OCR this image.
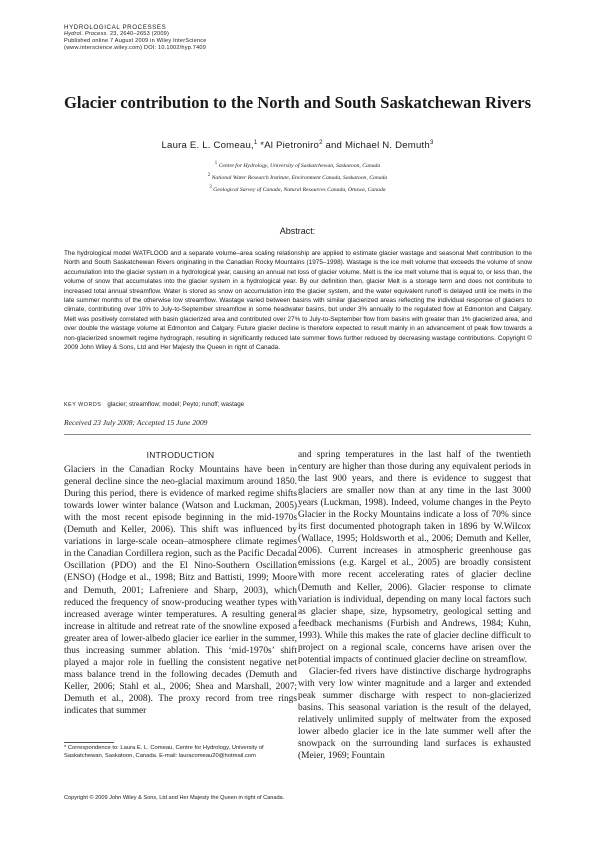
HYDROLOGICAL PROCESSES
Hydrol. Process. 23, 2640–2653 (2009)
Published online 7 August 2009 in Wiley InterScience
(www.interscience.wiley.com) DOI: 10.1002/hyp.7409
Glacier contribution to the North and South Saskatchewan Rivers
Laura E. L. Comeau,$^1$ *Al Pietroniro$^2$ and Michael N. Demuth$^3$
$^1$ Centre for Hydrology, University of Saskatchewan, Saskatoon, Canada
$^2$ National Water Research Institute, Environment Canada, Saskatoon, Canada
$^3$ Geological Survey of Canada, Natural Resources Canada, Ottawa, Canada
Abstract:
The hydrological model WATFLOOD and a separate volume–area scaling relationship are applied to estimate glacier wastage and seasonal Melt contribution to the North and South Saskatchewan Rivers originating in the Canadian Rocky Mountains (1975–1998). Wastage is the ice melt volume that exceeds the volume of snow accumulation into the glacier system in a hydrological year, causing an annual net loss of glacier volume. Melt is the ice melt volume that is equal to, or less than, the volume of snow that accumulates into the glacier system in a hydrological year. By our definition then, glacier Melt is a storage term and does not contribute to increased total annual streamflow. Water is stored as snow on accumulation into the glacier system, and the water equivalent runoff is delayed until ice melts in the late summer months of the otherwise low streamflow. Wastage varied between basins with similar glacierized areas reflecting the individual response of glaciers to climate, contributing over 10% to July-to-September streamflow in some headwater basins, but under 3% annually to the regulated flow at Edmonton and Calgary. Melt was positively correlated with basin glacierized area and contributed over 27% to July-to-September flow from basins with greater than 1% glacierized area, and over double the wastage volume at Edmonton and Calgary. Future glacier decline is therefore expected to result mainly in an advancement of peak flow towards a non-glacierized snowmelt regime hydrograph, resulting in significantly reduced late summer flows further reduced by decreasing wastage contributions. Copyright © 2009 John Wiley & Sons, Ltd and Her Majesty the Queen in right of Canada.
KEY WORDS glacier; streamflow; model; Peyto; runoff; wastage
Received 23 July 2008; Accepted 15 June 2009

INTRODUCTION

Glaciers in the Canadian Rocky Mountains have been in general decline since the neo-glacial maximum around 1850. During this period, there is evidence of marked regime shifts towards lower winter balance (Watson and Luckman, 2005) with the most recent episode beginning in the mid-1970s (Demuth and Keller, 2006). This shift was influenced by variations in large-scale ocean–atmosphere climate regimes in the Canadian Cordillera region, such as the Pacific Decadal Oscillation (PDO) and the El Nino-Southern Oscillation (ENSO) (Hodge et al., 1998; Bitz and Battisti, 1999; Moore and Demuth, 2001; Lafreniere and Sharp, 2003), which reduced the frequency of snow-producing weather types with increased average winter temperatures. A resulting general increase in altitude and retreat rate of the snowline exposed a greater area of lower-albedo glacier ice earlier in the summer, thus increasing summer ablation. This ‘mid-1970s’ shift played a major role in fuelling the consistent negative net mass balance trend in the following decades (Demuth and Keller, 2006; Stahl et al., 2006; Shea and Marshall, 2007; Demuth et al., 2008). The proxy record from tree rings indicates that summer

and spring temperatures in the last half of the twentieth century are higher than those during any equivalent periods in the last 900 years, and there is evidence to suggest that glaciers are smaller now than at any time in the last 3000 years (Luckman, 1998). Indeed, volume changes in the Peyto Glacier in the Rocky Mountains indicate a loss of 70% since its first documented photograph taken in 1896 by W.Wilcox (Wallace, 1995; Holdsworth et al., 2006; Demuth and Keller, 2006). Current increases in atmospheric greenhouse gas emissions (e.g. Kargel et al., 2005) are broadly consistent with more recent accelerating rates of glacier decline (Demuth and Keller, 2006). Glacier response to climate variation is individual, depending on many local factors such as glacier shape, size, hypsometry, geological setting and feedback mechanisms (Furbish and Andrews, 1984; Kuhn, 1993). While this makes the rate of glacier decline difficult to project on a regional scale, concerns have arisen over the potential impacts of continued glacier decline on streamflow.

Glacier-fed rivers have distinctive discharge hydrographs with very low winter magnitude and a larger and extended peak summer discharge with respect to non-glacierized basins. This seasonal variation is the result of the delayed, relatively unlimited supply of meltwater from the exposed lower albedo glacier ice in the late summer well after the snowpack on the surrounding land surfaces is exhausted (Meier, 1969; Fountain

* Correspondence to: Laura E. L. Comeau, Centre for Hydrology, University of Saskatchewan, Saskatoon, Canada. E-mail: lauracomeau20@hotmail.com
Copyright © 2009 John Wiley & Sons, Ltd and Her Majesty the Queen in right of Canada.
